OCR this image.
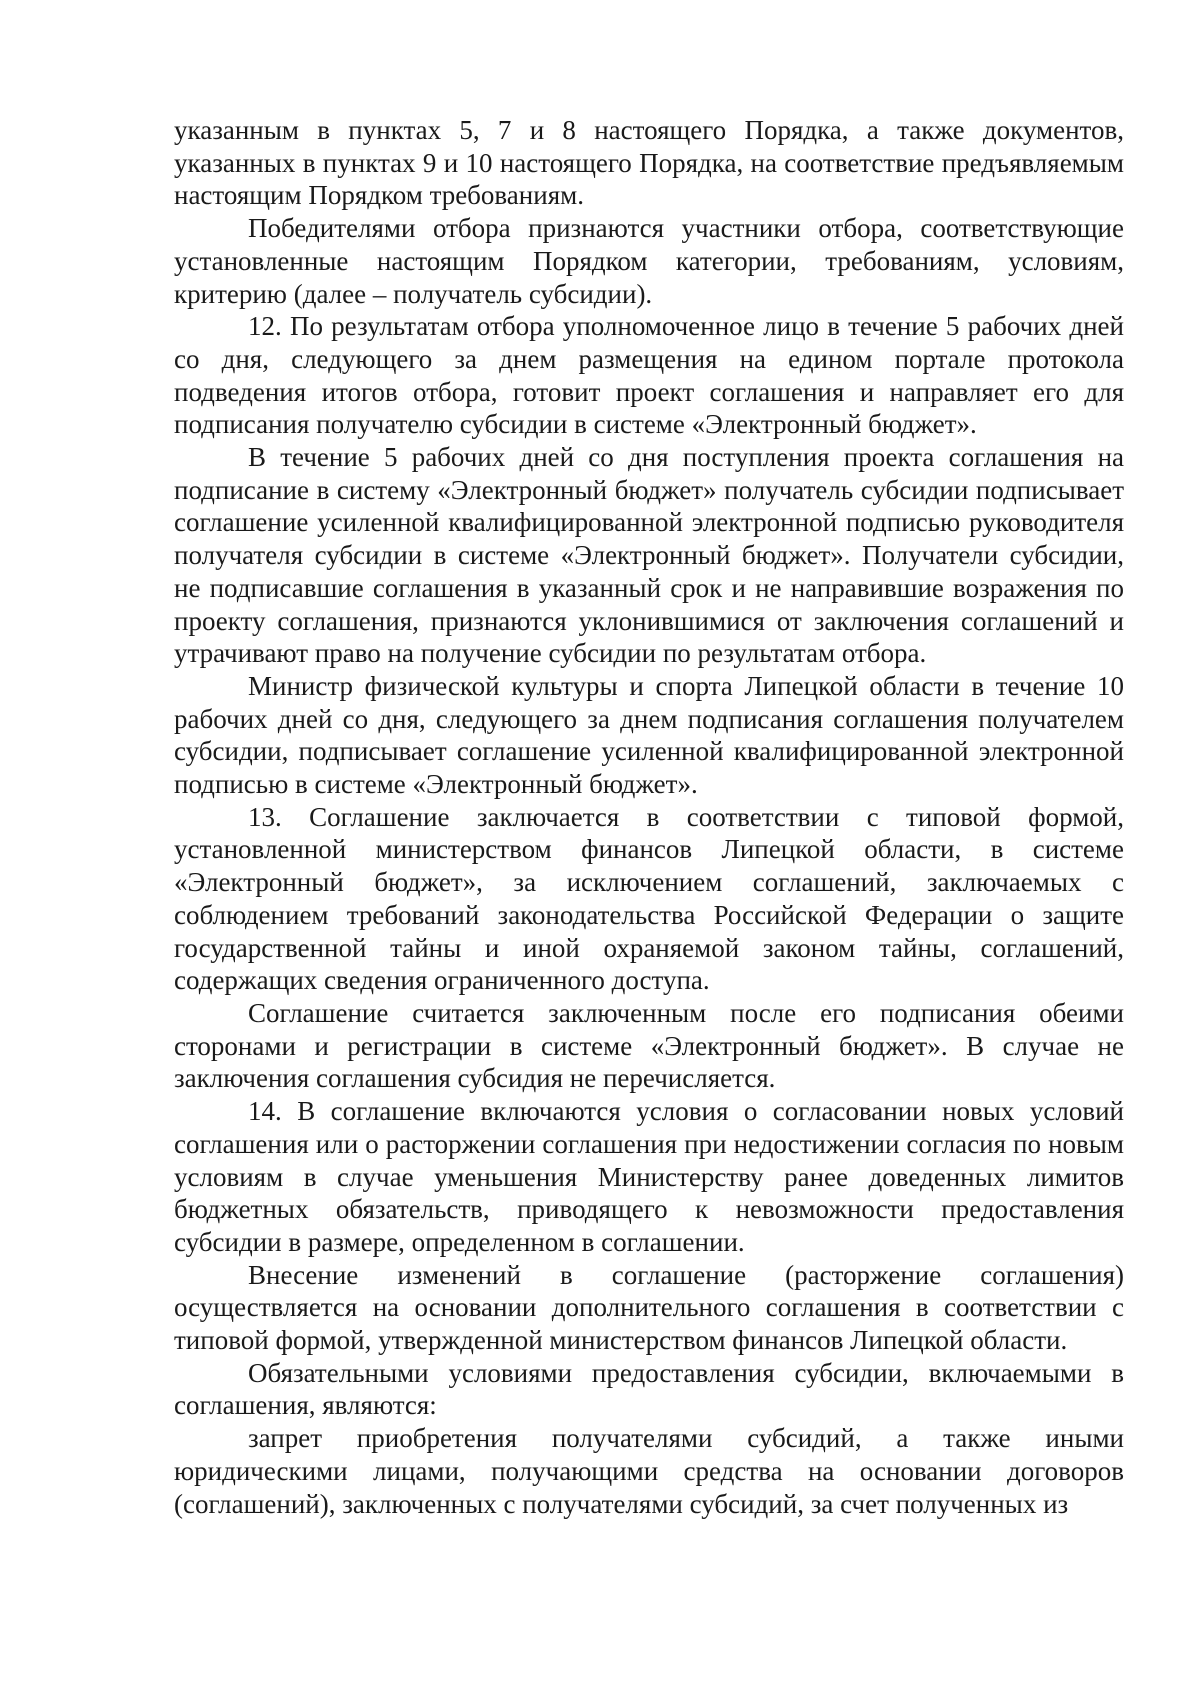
указанным в пунктах 5, 7 и 8 настоящего Порядка, а также документов, указанных в пунктах 9 и 10 настоящего Порядка, на соответствие предъявляемым настоящим Порядком требованиям.

Победителями отбора признаются участники отбора, соответствующие установленные настоящим Порядком категории, требованиям, условиям, критерию (далее – получатель субсидии).

12. По результатам отбора уполномоченное лицо в течение 5 рабочих дней со дня, следующего за днем размещения на едином портале протокола подведения итогов отбора, готовит проект соглашения и направляет его для подписания получателю субсидии в системе «Электронный бюджет».

В течение 5 рабочих дней со дня поступления проекта соглашения на подписание в систему «Электронный бюджет» получатель субсидии подписывает соглашение усиленной квалифицированной электронной подписью руководителя получателя субсидии в системе «Электронный бюджет». Получатели субсидии, не подписавшие соглашения в указанный срок и не направившие возражения по проекту соглашения, признаются уклонившимися от заключения соглашений и утрачивают право на получение субсидии по результатам отбора.

Министр физической культуры и спорта Липецкой области в течение 10 рабочих дней со дня, следующего за днем подписания соглашения получателем субсидии, подписывает соглашение усиленной квалифицированной электронной подписью в системе «Электронный бюджет».

13. Соглашение заключается в соответствии с типовой формой, установленной министерством финансов Липецкой области, в системе «Электронный бюджет», за исключением соглашений, заключаемых с соблюдением требований законодательства Российской Федерации о защите государственной тайны и иной охраняемой законом тайны, соглашений, содержащих сведения ограниченного доступа.

Соглашение считается заключенным после его подписания обеими сторонами и регистрации в системе «Электронный бюджет». В случае не заключения соглашения субсидия не перечисляется.

14. В соглашение включаются условия о согласовании новых условий соглашения или о расторжении соглашения при недостижении согласия по новым условиям в случае уменьшения Министерству ранее доведенных лимитов бюджетных обязательств, приводящего к невозможности предоставления субсидии в размере, определенном в соглашении.

Внесение изменений в соглашение (расторжение соглашения) осуществляется на основании дополнительного соглашения в соответствии с типовой формой, утвержденной министерством финансов Липецкой области.

Обязательными условиями предоставления субсидии, включаемыми в соглашения, являются:

запрет приобретения получателями субсидий, а также иными юридическими лицами, получающими средства на основании договоров (соглашений), заключенных с получателями субсидий, за счет полученных из
